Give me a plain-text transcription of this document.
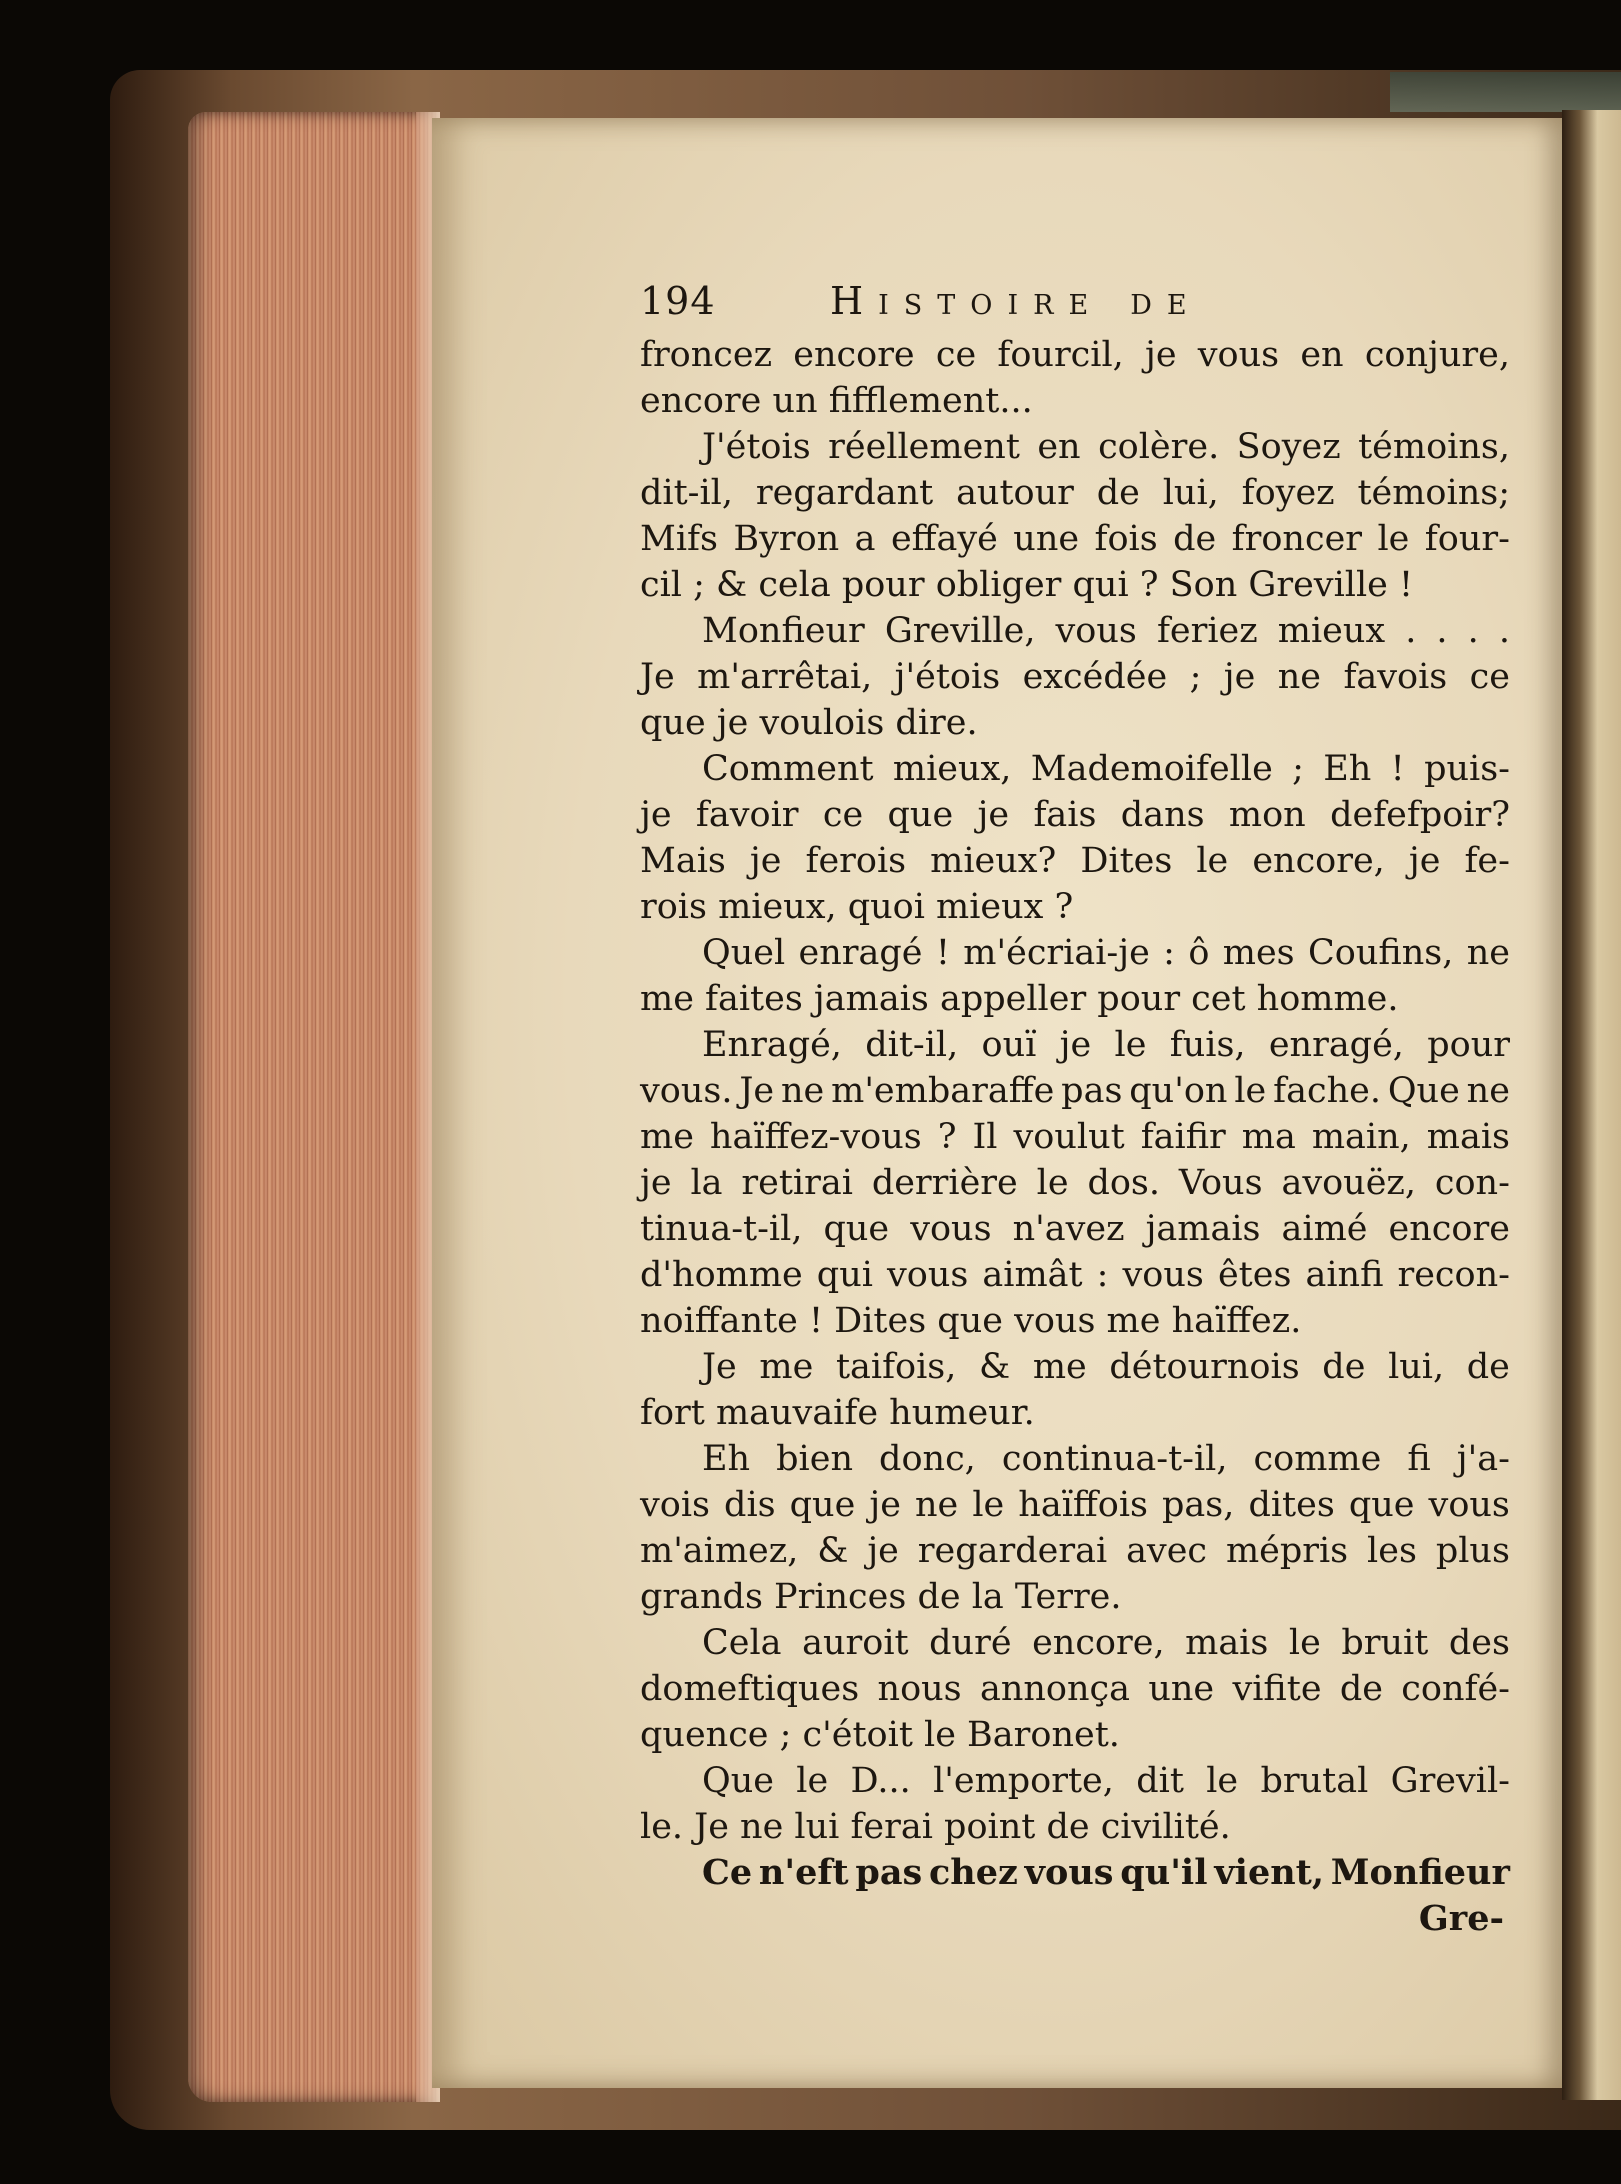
194	Histoire de
froncez encore ce fourcil, je vous en conjure,
encore un fifflement...
J'étois réellement en colère. Soyez témoins,
dit-il, regardant autour de lui, foyez témoins;
Mifs Byron a effayé une fois de froncer le four-
cil ; & cela pour obliger qui ? Son Greville !
Monfieur Greville, vous feriez mieux . . . .
Je m'arrêtai, j'étois excédée ; je ne favois ce
que je voulois dire.
Comment mieux, Mademoifelle ; Eh ! puis-
je favoir ce que je fais dans mon defefpoir?
Mais je ferois mieux? Dites le encore, je fe-
rois mieux, quoi mieux ?
Quel enragé ! m'écriai-je : ô mes Coufins, ne
me faites jamais appeller pour cet homme.
Enragé, dit-il, ouï je le fuis, enragé, pour
vous. Je ne m'embaraffe pas qu'on le fache. Que ne
me haïffez-vous ? Il voulut faifir ma main, mais
je la retirai derrière le dos. Vous avouëz, con-
tinua-t-il, que vous n'avez jamais aimé encore
d'homme qui vous aimât : vous êtes ainfi recon-
noiffante ! Dites que vous me haïffez.
Je me taifois, & me détournois de lui, de
fort mauvaife humeur.
Eh bien donc, continua-t-il, comme fi j'a-
vois dis que je ne le haïffois pas, dites que vous
m'aimez, & je regarderai avec mépris les plus
grands Princes de la Terre.
Cela auroit duré encore, mais le bruit des
domeftiques nous annonça une vifite de confé-
quence ; c'étoit le Baronet.
Que le D... l'emporte, dit le brutal Grevil-
le. Je ne lui ferai point de civilité.
Ce n'eft pas chez vous qu'il vient, Monfieur
Gre-
